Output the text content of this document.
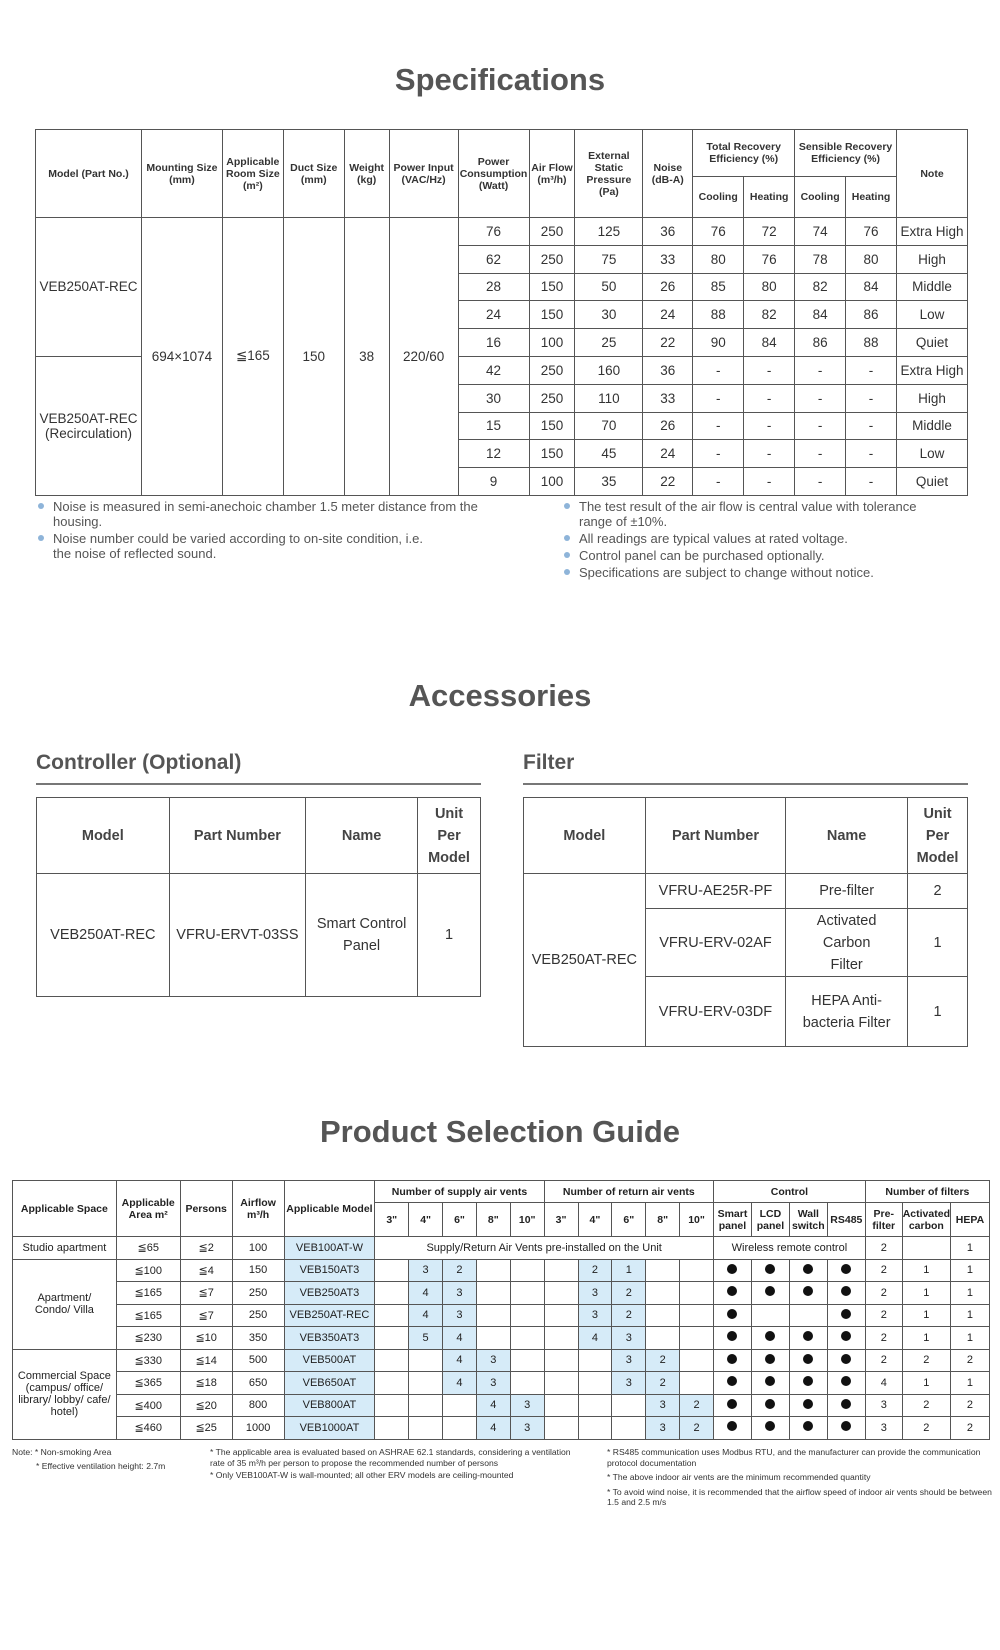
Specifications
Model (Part No.)	Mounting Size (mm)	Applicable Room Size (m²)	Duct Size (mm)	Weight (kg)	Power Input (VAC/Hz)	Power Consumption (Watt)	Air Flow (m³/h)	External Static Pressure (Pa)	Noise (dB-A)	Total Recovery Efficiency (%)		Sensible Recovery Efficiency (%)		Note
										Cooling	Heating	Cooling	Heating	
VEB250AT-REC	694×1074	≦165	150	38	220/60	76	250	125	36	76	72	74	76	Extra High
						62	250	75	33	80	76	78	80	High
						28	150	50	26	85	80	82	84	Middle
						24	150	30	24	88	82	84	86	Low
						16	100	25	22	90	84	86	88	Quiet

VEB250AT-REC (Recirculation)						42	250	160	36	-	-	-	-	Extra High
						30	250	110	33	-	-	-	-	High
						15	150	70	26	-	-	-	-	Middle
						12	150	45	24	-	-	-	-	Low
						9	100	35	22	-	-	-	-	Quiet
Noise is measured in semi-anechoic chamber 1.5 meter distance from the housing.
Noise number could be varied according to on-site condition, i.e. the noise of reflected sound.
The test result of the air flow is central value with tolerance range of ±10%.
All readings are typical values at rated voltage.
Control panel can be purchased optionally.
Specifications are subject to change without notice.
Accessories
Controller (Optional)	Filter
Model	Part Number	Name	Unit Per Model

VEB250AT-REC	VFRU-ERVT-03SS	Smart Control Panel	1
Model	Part Number	Name	Unit Per Model

VEB250AT-REC	VFRU-AE25R-PF	Pre-filter	2
	VFRU-ERV-02AF	Activated Carbon Filter	1
	VFRU-ERV-03DF	HEPA Anti-bacteria Filter	1
Product Selection Guide
Applicable Space	Applicable Area m²	Persons	Airflow m³/h	Applicable Model	Number of supply air vents					Number of return air vents					Control				Number of filters		
					3"	4"	6"	8"	10"	3"	4"	6"	8"	10"	Smart panel	LCD panel	Wall switch	RS485	Pre-filter	Activated carbon	HEPA
Studio apartment	≦65	≦2	100	VEB100AT-W	Supply/Return Air Vents pre-installed on the Unit										Wireless remote control				2		1

Apartment/ Condo/ Villa	≦100	≦4	150	VEB150AT3		3	2				2	1							2	1	1
	≦165	≦7	250	VEB250AT3		4	3				3	2							2	1	1
	≦165	≦7	250	VEB250AT-REC		4	3				3	2							2	1	1
	≦230	≦10	350	VEB350AT3		5	4				4	3							2	1	1

Commercial Space (campus/ office/ library/ lobby/ cafe/ hotel)	≦330	≦14	500	VEB500AT			4	3				3	2						2	2	2
	≦365	≦18	650	VEB650AT			4	3				3	2						4	1	1
	≦400	≦20	800	VEB800AT				4	3				3	2					3	2	2
	≦460	≦25	1000	VEB1000AT				4	3				3	2					3	2	2
Note: * Non-smoking Area
* Effective ventilation height: 2.7m
* The applicable area is evaluated based on ASHRAE 62.1 standards, considering a ventilation rate of 35 m³/h per person to propose the recommended number of persons
* Only VEB100AT-W is wall-mounted; all other ERV models are ceiling-mounted
* RS485 communication uses Modbus RTU, and the manufacturer can provide the communication protocol documentation
* The above indoor air vents are the minimum recommended quantity
* To avoid wind noise, it is recommended that the airflow speed of indoor air vents should be between 1.5 and 2.5 m/s
